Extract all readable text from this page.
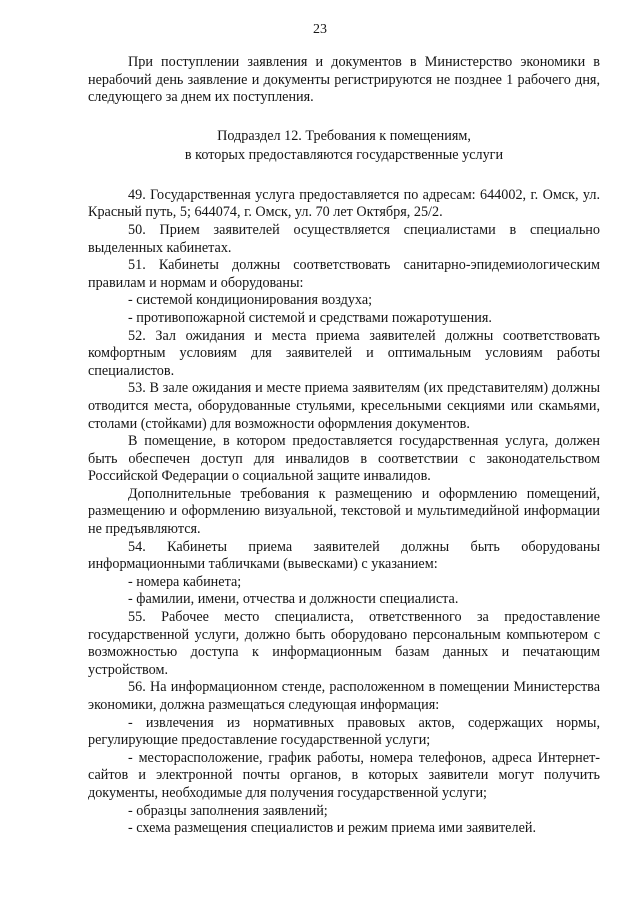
23

При поступлении заявления и документов в Министерство экономики в нерабочий день заявление и документы регистрируются не позднее 1 рабочего дня, следующего за днем их поступления.

Подраздел 12. Требования к помещениям,
в которых предоставляются государственные услуги

49. Государственная услуга предоставляется по адресам: 644002, г. Омск, ул. Красный путь, 5; 644074, г. Омск, ул. 70 лет Октября, 25/2.

50. Прием заявителей осуществляется специалистами в специально выделенных кабинетах.

51. Кабинеты должны соответствовать санитарно-эпидемиологическим правилам и нормам и оборудованы:

- системой кондиционирования воздуха;

- противопожарной системой и средствами пожаротушения.

52. Зал ожидания и места приема заявителей должны соответствовать комфортным условиям для заявителей и оптимальным условиям работы специалистов.

53. В зале ожидания и месте приема заявителям (их представителям) должны отводится места, оборудованные стульями, кресельными секциями или скамьями, столами (стойками) для возможности оформления документов.

В помещение, в котором предоставляется государственная услуга, должен быть обеспечен доступ для инвалидов в соответствии с законодательством Российской Федерации о социальной защите инвалидов.

Дополнительные требования к размещению и оформлению помещений, размещению и оформлению визуальной, текстовой и мультимедийной информации не предъявляются.

54. Кабинеты приема заявителей должны быть оборудованы информационными табличками (вывесками) с указанием:

- номера кабинета;

- фамилии, имени, отчества и должности специалиста.

55. Рабочее место специалиста, ответственного за предоставление государственной услуги, должно быть оборудовано персональным компьютером с возможностью доступа к информационным базам данных и печатающим устройством.

56. На информационном стенде, расположенном в помещении Министерства экономики, должна размещаться следующая информация:

- извлечения из нормативных правовых актов, содержащих нормы, регулирующие предоставление государственной услуги;

- месторасположение, график работы, номера телефонов, адреса Интернет-сайтов и электронной почты органов, в которых заявители могут получить документы, необходимые для получения государственной услуги;

- образцы заполнения заявлений;

- схема размещения специалистов и режим приема ими заявителей.
